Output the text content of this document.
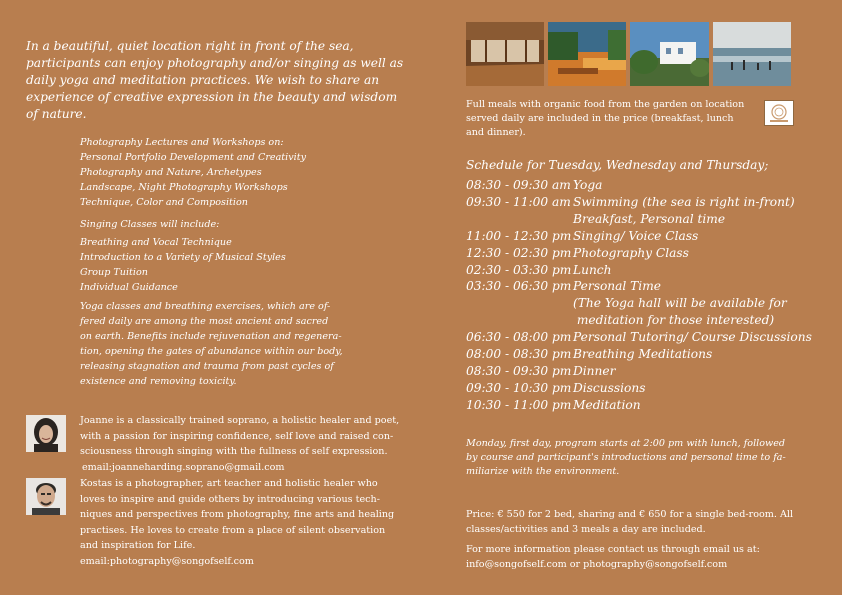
In a beautiful, quiet location right in front of the sea, participants can enjoy photography and/or singing as well as daily yoga and meditation practices. We wish to share an experience of creative expression in the beauty and wisdom of nature.
Photography Lectures and Workshops on:
Personal Portfolio Development and Creativity
Photography and Nature, Archetypes
Landscape, Night Photography Workshops
Technique, Color and Composition
Singing Classes will include:
Breathing and Vocal Technique
Introduction to a Variety of Musical Styles
Group Tuition
Individual Guidance
Yoga classes and breathing exercises, which are of-
fered daily are among the most ancient and sacred
on earth. Benefits include rejuvenation and regenera-
tion, opening the gates of abundance within our body,
releasing stagnation and trauma from past cycles of
existence and removing toxicity.
Joanne is a classically trained soprano, a holistic healer and poet,
with a passion for inspiring confidence, self love and raised con-
sciousness through singing with the fullness of self expression.
email:joanneharding.soprano@gmail.com
Kostas is a photographer, art teacher and holistic healer who
loves to inspire and guide others by introducing various tech-
niques and perspectives from photography, fine arts and healing
practises. He loves to create from a place of silent observation
and inspiration for Life.
email:photography@songofself.com
Full meals with organic food from the garden on location
served daily are included in the price (breakfast, lunch
and dinner).
Schedule for Tuesday, Wednesday and Thursday;
08:30 - 09:30 am Yoga
09:30 - 11:00 am Swimming (the sea is right in-front)
Breakfast, Personal time
11:00 - 12:30 pm Singing/ Voice Class
12:30 - 02:30 pm Photography Class
02:30 - 03:30 pm Lunch
03:30 - 06:30 pm Personal Time
(The Yoga hall will be available for
meditation for those interested)
06:30 - 08:00 pm Personal Tutoring/ Course Discussions
08:00 - 08:30 pm Breathing Meditations
08:30 - 09:30 pm Dinner
09:30 - 10:30 pm Discussions
10:30 - 11:00 pm Meditation
Monday, first day, program starts at 2:00 pm with lunch, followed
by course and participant's introductions and personal time to fa-
miliarize with the environment.
Price: € 550 for 2 bed, sharing and € 650 for a single bed-room. All
classes/activities and 3 meals a day are included.
For more information please contact us through email us at:
info@songofself.com or photography@songofself.com
